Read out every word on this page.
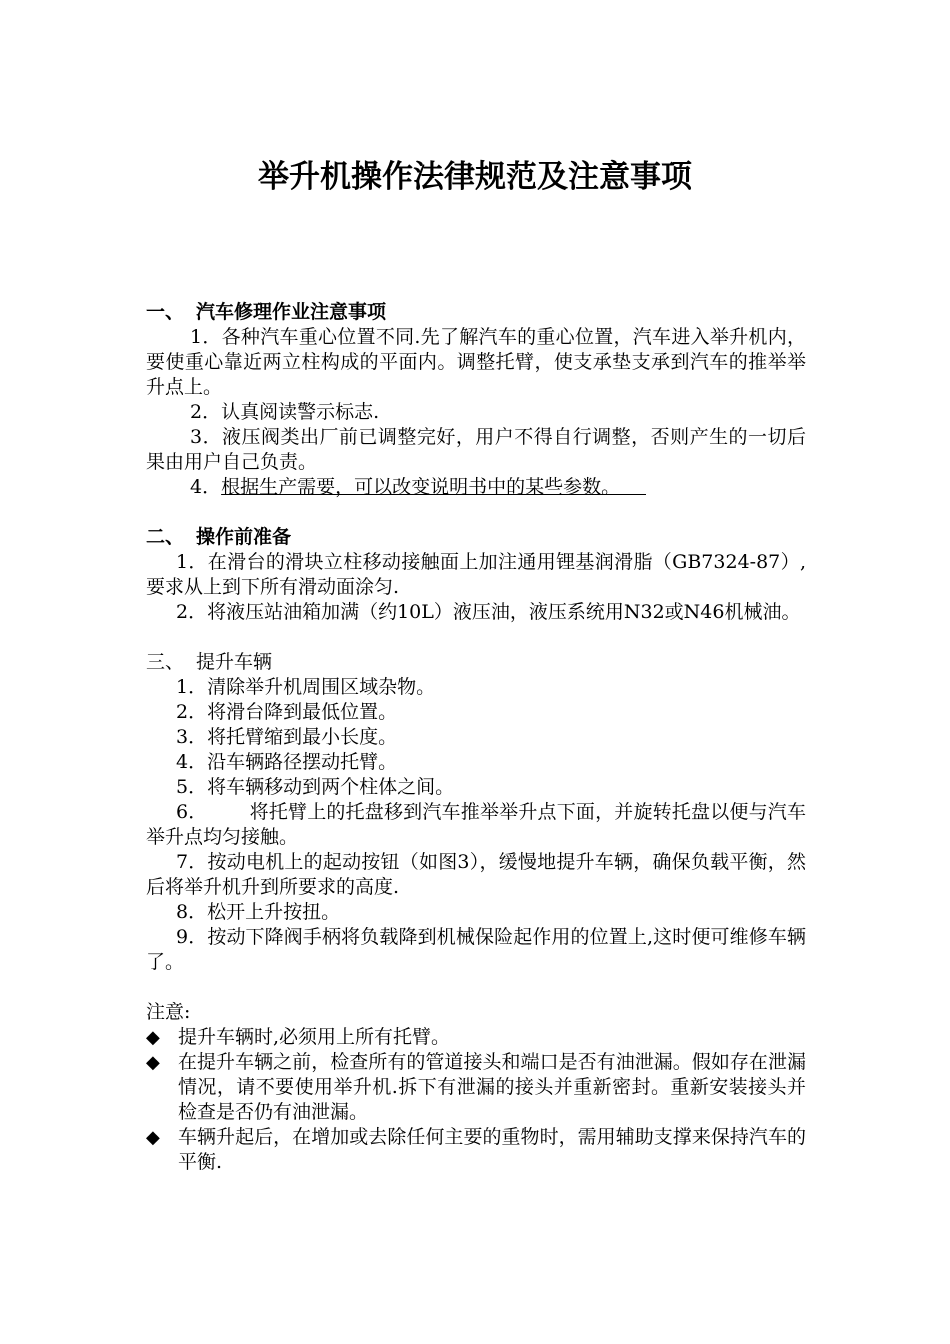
举升机操作法律规范及注意事项

一、 汽车修理作业注意事项

1．各种汽车重心位置不同.先了解汽车的重心位置，汽车进入举升机内，要使重心靠近两立柱构成的平面内。调整托臂，使支承垫支承到汽车的推举举升点上。

2．认真阅读警示标志.

3．液压阀类出厂前已调整完好，用户不得自行调整，否则产生的一切后果由用户自己负责。

4．根据生产需要，可以改变说明书中的某些参数。

二、 操作前准备

1．在滑台的滑块立柱移动接触面上加注通用锂基润滑脂（GB7324-87）,要求从上到下所有滑动面涂匀.

2．将液压站油箱加满（约10L）液压油，液压系统用N32或N46机械油。

三、 提升车辆

1．清除举升机周围区域杂物。

2．将滑台降到最低位置。

3．将托臂缩到最小长度。

4．沿车辆路径摆动托臂。

5．将车辆移动到两个柱体之间。

6． 将托臂上的托盘移到汽车推举举升点下面，并旋转托盘以便与汽车举升点均匀接触。

7．按动电机上的起动按钮（如图3），缓慢地提升车辆，确保负载平衡，然后将举升机升到所要求的高度.

8．松开上升按扭。

9．按动下降阀手柄将负载降到机械保险起作用的位置上,这时便可维修车辆了。

注意:

◆ 提升车辆时,必须用上所有托臂。

◆ 在提升车辆之前，检查所有的管道接头和端口是否有油泄漏。假如存在泄漏情况，请不要使用举升机.拆下有泄漏的接头并重新密封。重新安装接头并检查是否仍有油泄漏。

◆ 车辆升起后，在增加或去除任何主要的重物时，需用辅助支撑来保持汽车的平衡.
